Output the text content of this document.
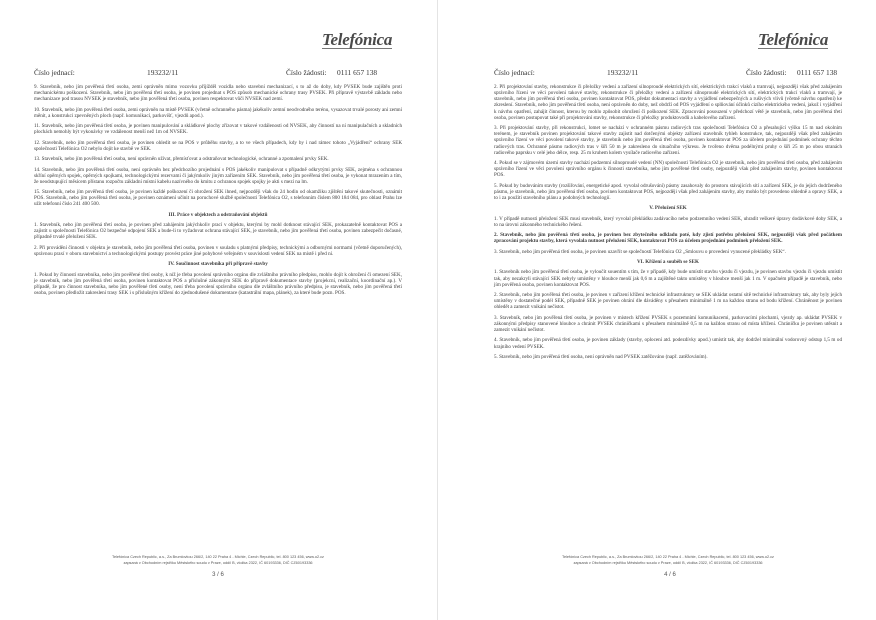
Telefónica
Číslo jednací:	193232/11	Číslo žádosti: 0111 657 138
9. Stavebník, nebo jím pověřená třetí osoba, zemi oprávněn mimo vozovku příjížděl vozidla nebo stavební mechanizací, s to až do doby, kdy PVSEK bude zajištěn proti mechanickému poškození. Stavebník, nebo jím pověřená třetí osoba, je povinen projednat s POS způsob mechanické ochrany trasy PVSEK. Při přípravě výstavbě základu nebo mechanizace pod trasou NVSEK je stavebník, nebo jím pověřená třetí osoba, povinen respektovat vůči NVSEK nad zemí.
10. Stavebník, nebo jím pověřená třetí osoba, zemi oprávněn na místě PVSEK (včetně ochranného pásma) jakékoliv zemní neodvodného terénu, vysazovat trvalé porosty ani zemní měnit, a konstrukci zpevněných ploch (např. komunikací, parkovišť, vjezdů apod.).
11. Stavebník, nebo jím pověřená třetí osoba, je povinen manipulování a skládkové plochy zřízovat v takové vzdálenosti od NVSEK, aby činností na ní manipulačních a skladních plochách nemohly být vykonávky ve vzdálenost menší než 1m od NVSEK.
12. Stavebník, nebo jím pověřená třetí osoba, je povinen ohledit se na POS v průběhu stavby, a to ve všech případech, kdy by i nad rámec tohoto „Vyjádření“ ochrany SEK společnosti Telefónica O2 nebylo dojít ke stavbě ve SEK.
13. Stavebník, nebo jím pověřená třetí osoba, není oprávněn užívat, přemísťovat a odstraňovat technologické, ochranné a zpomalení prvky SEK.
14. Stavebník, nebo jím pověřená třetí osoba, není oprávněn bez předchozího projednání s POS jakékoliv manipulovat s případně odkrytými prvky SEK, zejména s ochrannou skříní opěrných spojek, opěrných spojkami, technologickými rezervami či jakýmkoliv jiným zařízením SEK. Stavebník, nebo jím pověřená třetí osoba, je vykonat mrazením a tím, že neodstupující měsícem přístanu rozpočtu základní místní kabelu nazívného do kmitu z ochranou spojek spojky je akti s mezí na lm.
15. Stavebník, nebo jím pověřená třetí osoba, je povinen každé poškození či ohrožení SEK ihned, nejpozději však do 24 hodin od okamžiku zjištění takové skutečnosti, oznámit POS. Stavebník, nebo jím pověřená třetí osoba, je povinen oznámení učinit na poruchové službě společnosti Telefónica O2, s telefonním číslem 800 184 084, pro oblast Prahu lze užít telefonní číslo 241 400 500.
III. Práce v objektech a odstraňování objektů
1. Stavebník, nebo jím pověřená třetí osoba, je povinen před zahájením jakýchkoliv prací v objektu, kterými by mohl dotknout stávající SEK, prokazatelně kontaktovat POS a zajistit u společnosti Telefónica O2 bezpečné odpojení SEK a bude-li to vyžadovat ochrana stávající SEK, je stavebník, nebo jím pověřená třetí osoba, povinen zabezpečit dočasné, případně trvalé přeložení SEK.
2. Při provádění činnosti v objektu je stavebník, nebo jím pověřená třetí osoba, povinen v souladu s platnými předpisy, technickými a odbornými normami (včetně doporučených), správnou praxí v oboru stavebnictví a technologickými postupy provést práce jiné pohybové veřejném v souvislosti vedení SEK na místě i před ní.
IV. Součinnost stavebníka při přípravě stavby
1. Pokud by činností stavebníka, nebo jím pověřené třetí osoby, k níž je třeba povolení správního orgánu dle zvláštního právního předpisu, mohlo dojít k ohrožení či omezení SEK, je stavebník, nebo jím pověřená třetí osoba, povinen kontaktovat POS a příslušné zákonným SEK do přípravě dokumentace stavby (projekcní, realizační, koordinační ap.). V případě, že pro činnost stavebníka, nebo jím pověřené třetí osoby, není třeba povolení správního orgánu dle zvláštního právního předpisu, je stavebník, nebo jím pověřená třetí osoba, povinen předložit zakreslení trasy SEK i s příslušným křížení do zjednodušené dokumentace (katastrální mapa, plánek), za které bude pozn. POS.
Telefónica Czech Republic, a.s., Za Brumlovkou 266/2, 140 22 Praha 4 - Michle, Czech Republic, tel. 800 123 456, www.o2.cz
zapsaná v Obchodním rejstříku Městského soudu v Praze, oddíl B, vložka 2322, IČ 60193336, DIČ CZ60193336
3 / 6
Telefónica
Číslo jednací:	193232/11	Číslo žádosti: 0111 657 138
2. Při projektování stavby, rekonstrukce či přeložky vedení a zařízení silnoproudé elektrických sítí, elektrických trakcí vlaků a tramvají, nejpozději však před zahájením správního řízení ve věci povolení takové stavby, rekonstrukce či přeložky vedení a zařízení silnoproudé elektrických sítí, elektrických trakcí vlaků a tramvají, je stavebník, nebo jím pověřená třetí osoba, povinen kontaktovat POS, předat dokumentaci stavby a vyjádření nebezpečných a rušivých vlivů (včetně návrhu opatření) ke zkreslení. Stavebník, nebo jím pověřená třetí osoba, není oprávněn do doby, než obdrží od POS vyjádření o splňování účinků cizího elektrického vedení, jakož i vyjádření k návrhu opatření, zahájit činnost, kterou by mohlo způsobit ohrožení či poškození SEK. Zpracování posouzení v předchozí větě je stavebník, nebo jím pověřená třetí osoba, povinen postupovat také při projektování stavby, rekonstrukce či přeložky produktovodů a kabelového zařízení.
3. Při projektování stavby, při rekonstrukci, lomet se nachází v ochranném pásmu radiových tras společnosti Telefónica O2 a přesahující výšku 15 m nad okolním terénem, je stavebník povinen projektování takové stavby zajistit nad dotčenými objekty zařízení stavebník tyhleh konstrukce, tak, nejpozději však před zahájením správního řízení ve věci povolení takové stavby, je stavebník nebo jím pověřená třetí osoba, povinen kontaktovat POS za účelem projednání podmínek ochrany těchto radiových tras. Ochranné pásmo radiových tras v šíři 50 m je zakresleno do situačního výkresu. Je tvořeno dvěma podélnými pruhy o šíři 25 m po obou stranách radiového paprsku v celé jeho délce, resp. 25 m kruhem kolem vysílače radiového zařízení.
4. Pokud se v zájmovém území stavby nachází podzemní silnoproudé vedení (NN) společnosti Telefónica O2 je stavebník, nebo jím pověřená třetí osoba, před zahájením správního řízení ve věci povolení správního orgánu k činnosti stavebníka, nebo jím pověřené třetí osoby, nejpozději však před zahájením stavby, povinen kontaktovat POS.
5. Pokud by budováním stavby (rozšiřování, energetické apod. vyvolal odrušování) pásmy zasahovaly do prostoru stávajících sítí a zařízení SEK, je do jejich dodrženého pásmu, je stavebník, nebo jím pověřená třetí osoba, povinen kontaktovat POS, nejpozději však před zahájením stavby, aby mohlo být provedeno ohledně a opravy SEK, a to i za použití stavebního plánu a podobných technologií.
V. Přeložení SEK
1. V případě nutnosti přeložení SEK musí stavebník, který vyvolal překládku zadávacího nebo podzemního vedení SEK, uhradit veškeré úpravy dodávkové doby SEK, a to na úrovni zákonného technického řešení.
2. Stavebník, nebo jím pověřená třetí osoba, je povinen bez zbytečného odkladu poté, kdy zjistí potřebu přeložení SEK, nejpozději však před počátkem zpracování projektu stavby, která vyvolala nutnost přeložení SEK, kontaktovat POS za účelem projednání podmínek přeložení SEK.
3. Stavebník, nebo jím pověřená třetí osoba, je povinen uzavřít se společností Telefónica O2 „Smlouvu o provedení vynucené překládky SEK“.
VI. Křížení a souběh se SEK
1. Stavebník nebo jím pověřená třetí osoba, je vyloučit souentím s tím, že v případě, kdy bude umístit stavbu vjezdu či vjezdu, je povinen stavbu vjezdu či vjezdu umístit tak, aby nezakryli stávající SEK nebyly umístěny v hloubce menší jak 0,6 m a zajištěné takto umístěny v hloubce menší jak 1 m. V opačném případě je stavebník, nebo jím pověřená osoba, povinen kontaktovat POS.
2. Stavebník, nebo jím pověřená třetí osoba, je povinen v zařízení křížení technické infrastruktury se SEK ukládat ostatní sítě technické infrastruktury tak, aby byly jejich umístěny v dostatečné podél SEK, případně SEK je povinen ohrání dle dáváděny s přesahem minimálně 1 m na každou stranu od bodu křížení. Chráněnost je povinen ohledět a zamezit vnikání nečistot.
3. Stavebník, nebo jím pověřená třetí osoba, je povinen v místech křížení PVSEK s pozemnímí komunikacemi, parkovacími plochami, vjezdy ap. ukládat PVSEK v zákonnými předpisy stanovené hloubce a chránit PVSEK chráničkami s přesahem minimálně 0,5 m na každou stranu od místa křížení. Chráničku je povinen utěsnit a zamezit vnikání nečistot.
4. Stavebník, nebo jím pověřená třetí osoba, je povinen základy (stavby, oplocení atd. podezdívky apod.) umístit tak, aby dodržel minimální vodorovný odstup 1,5 m od krajního vedení PVSEK.
5. Stavebník, nebo jím pověřená třetí osoba, není oprávněn nad PVSEK zatěžováno (např. zatěžováním).
Telefónica Czech Republic, a.s., Za Brumlovkou 266/2, 140 22 Praha 4 - Michle, Czech Republic, tel. 800 123 456, www.o2.cz
zapsaná v Obchodním rejstříku Městského soudu v Praze, oddíl B, vložka 2322, IČ 60193336, DIČ CZ60193336
4 / 6
